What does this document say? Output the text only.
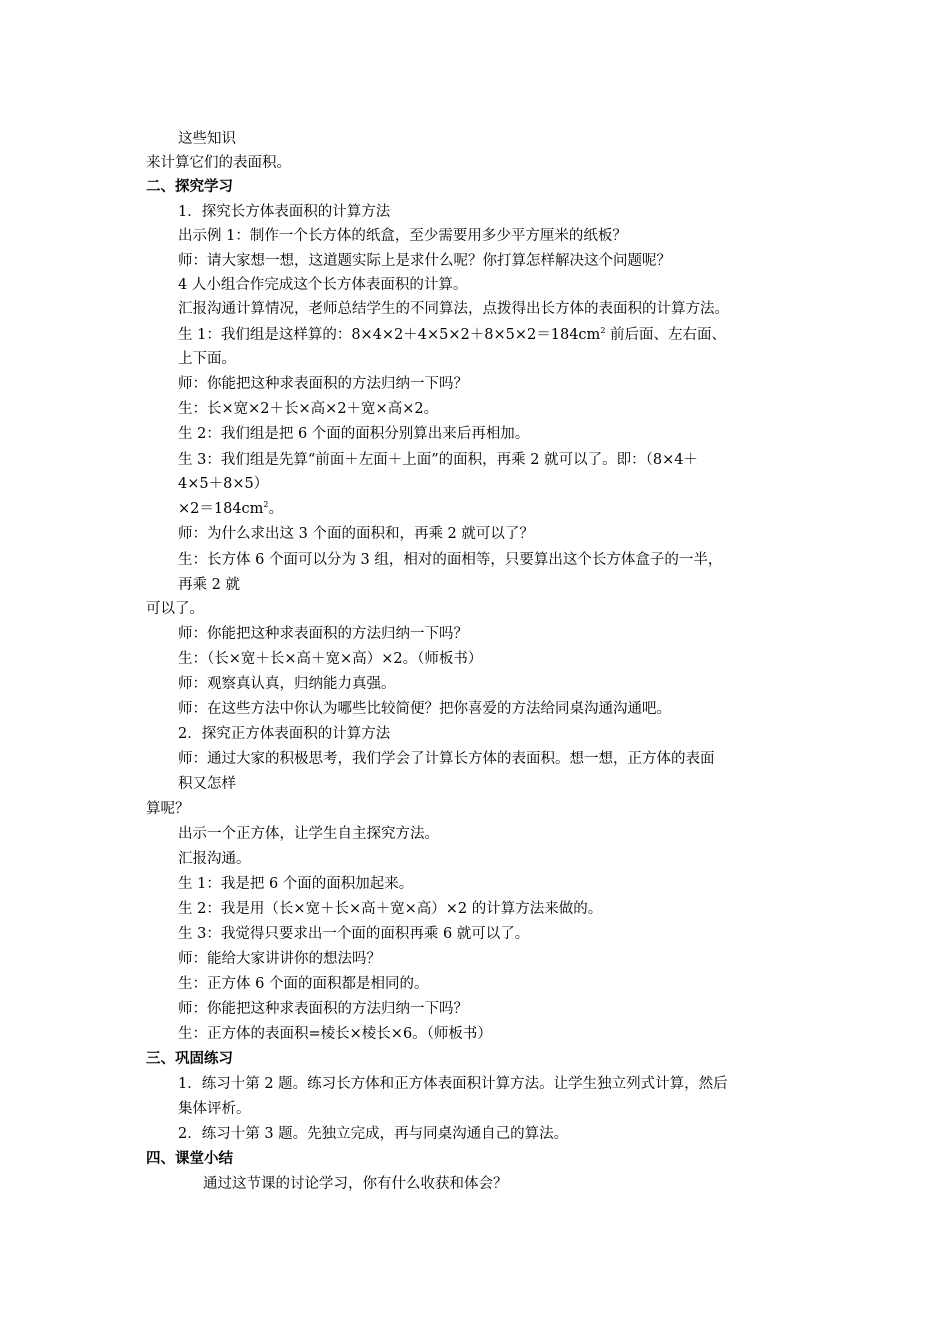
这些知识
来计算它们的表面积。
二、探究学习
1．探究长方体表面积的计算方法
出示例 1：制作一个长方体的纸盒，至少需要用多少平方厘米的纸板？
师：请大家想一想，这道题实际上是求什么呢？你打算怎样解决这个问题呢？
4 人小组合作完成这个长方体表面积的计算。
汇报沟通计算情况，老师总结学生的不同算法，点拨得出长方体的表面积的计算方法。
生 1：我们组是这样算的：$8\times 4\times 2+4\times 5\times 2+8\times 5\times 2=184cm^2$ 前后面、左右面、
上下面。
师：你能把这种求表面积的方法归纳一下吗？
生：长×宽×2＋长×高×2＋宽×高×2。
生 2：我们组是把 6 个面的面积分别算出来后再相加。
生 3：我们组是先算“前面＋左面＋上面”的面积，再乘 2 就可以了。即：（8×4＋
4×5＋8×5）
$\times 2=184cm^2$。
师：为什么求出这 3 个面的面积和，再乘 2 就可以了？
生：长方体 6 个面可以分为 3 组，相对的面相等，只要算出这个长方体盒子的一半，
再乘 2 就
可以了。
师：你能把这种求表面积的方法归纳一下吗？
生：（长×宽＋长×高＋宽×高）×2。（师板书）
师：观察真认真，归纳能力真强。
师：在这些方法中你认为哪些比较简便？把你喜爱的方法给同桌沟通沟通吧。
2．探究正方体表面积的计算方法
师：通过大家的积极思考，我们学会了计算长方体的表面积。想一想，正方体的表面
积又怎样
算呢？
出示一个正方体，让学生自主探究方法。
汇报沟通。
生 1：我是把 6 个面的面积加起来。
生 2：我是用（长×宽＋长×高＋宽×高）×2 的计算方法来做的。
生 3：我觉得只要求出一个面的面积再乘 6 就可以了。
师：能给大家讲讲你的想法吗？
生：正方体 6 个面的面积都是相同的。
师：你能把这种求表面积的方法归纳一下吗？
生：正方体的表面积=棱长×棱长×6。（师板书）
三、巩固练习
1．练习十第 2 题。练习长方体和正方体表面积计算方法。让学生独立列式计算，然后
集体评析。
2．练习十第 3 题。先独立完成，再与同桌沟通自己的算法。
四、课堂小结
通过这节课的讨论学习，你有什么收获和体会？
